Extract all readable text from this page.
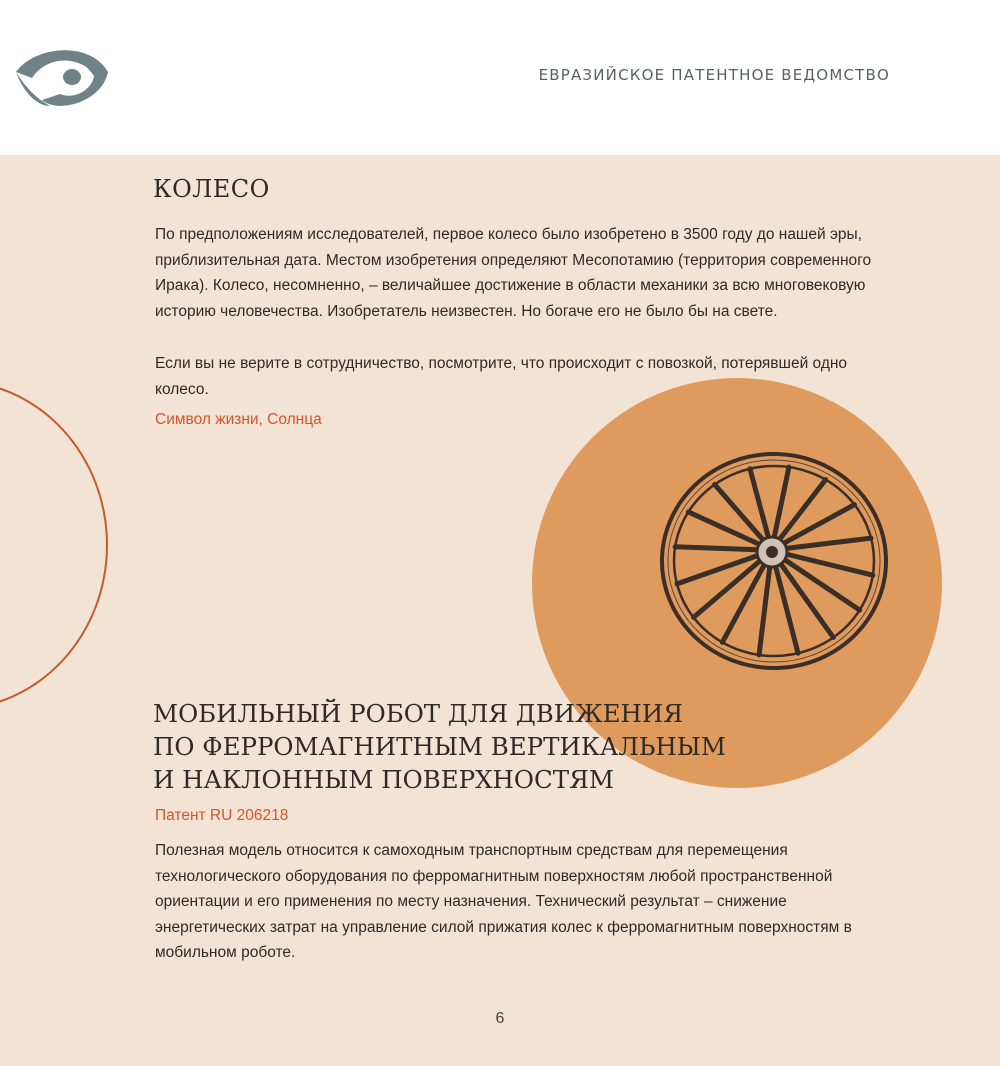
ЕВРАЗИЙСКОЕ ПАТЕНТНОЕ ВЕДОМСТВО
КОЛЕСО

По предположениям исследователей, первое колесо было изобретено в 3500 году до нашей эры, приблизительная дата. Местом изобретения определяют Месопотамию (территория современного Ирака). Колесо, несомненно, – величайшее достижение в области механики за всю многовековую историю человечества. Изобретатель неизвестен. Но богаче его не было бы на свете.

Если вы не верите в сотрудничество, посмотрите, что происходит с повозкой, потерявшей одно колесо.

Символ жизни, Солнца
МОБИЛЬНЫЙ РОБОТ ДЛЯ ДВИЖЕНИЯ
ПО ФЕРРОМАГНИТНЫМ ВЕРТИКАЛЬНЫМ
И НАКЛОННЫМ ПОВЕРХНОСТЯМ
Патент RU 206218

Полезная модель относится к самоходным транспортным средствам для перемещения технологического оборудования по ферромагнитным поверхностям любой пространственной ориентации и его применения по месту назначения. Технический результат – снижение энергетических затрат на управление силой прижатия колес к ферромагнитным поверхностям в мобильном роботе.

6
